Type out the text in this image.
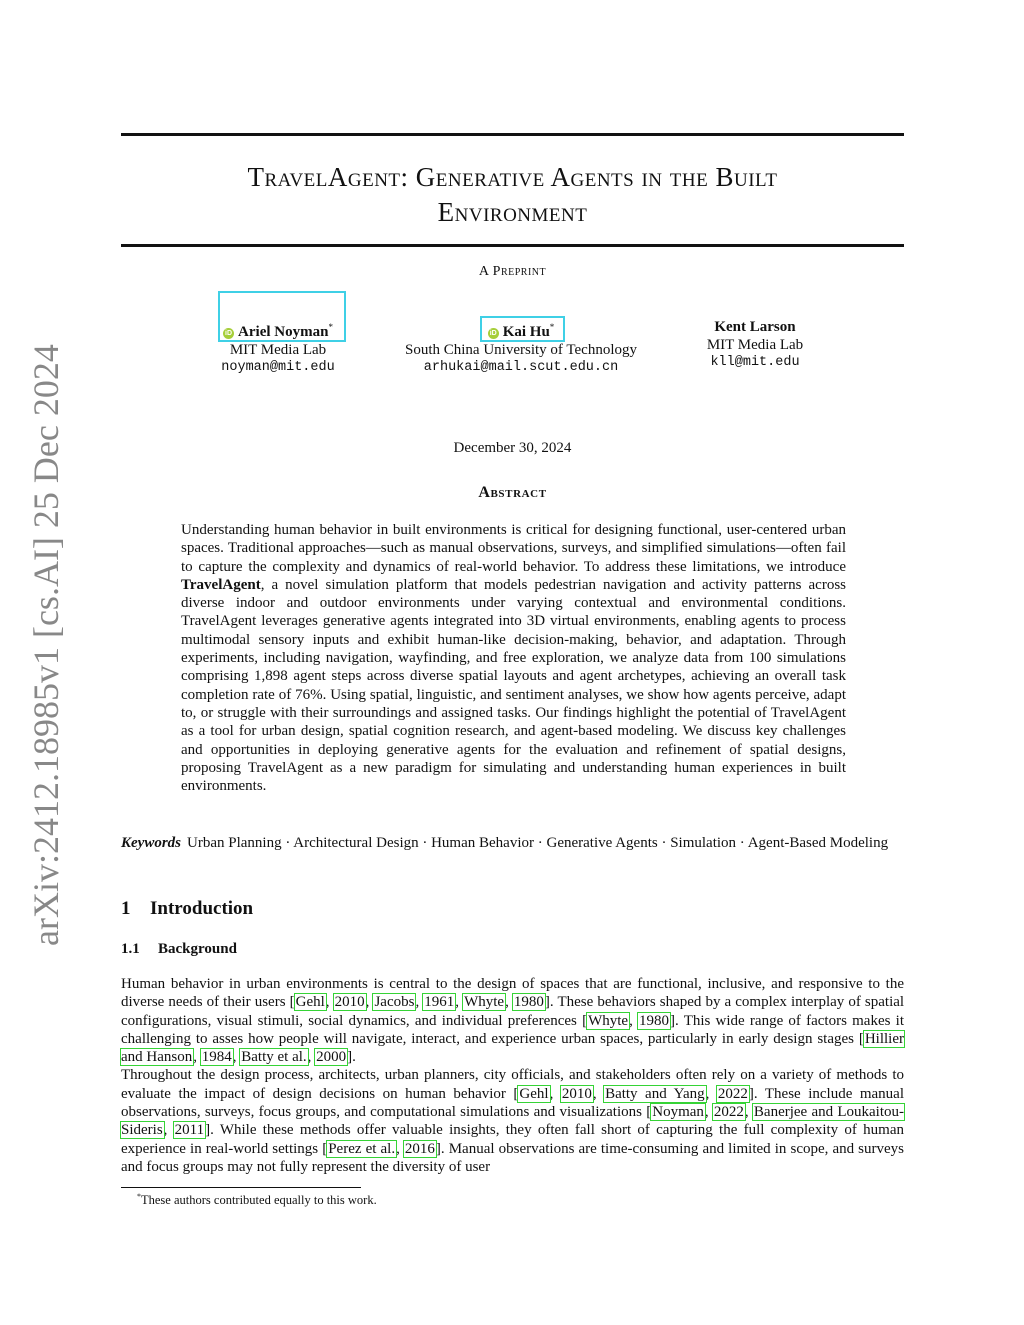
arXiv:2412.18985v1 [cs.AI] 25 Dec 2024
TravelAgent: Generative Agents in the Built
Environment
A Preprint
iD Ariel Noyman*
MIT Media Lab
noyman@mit.edu
iD Kai Hu*
South China University of Technology
arhukai@mail.scut.edu.cn
Kent Larson
MIT Media Lab
kll@mit.edu
December 30, 2024
Abstract
Understanding human behavior in built environments is critical for designing functional, user-centered urban spaces. Traditional approaches—such as manual observations, surveys, and simplified simulations—often fail to capture the complexity and dynamics of real-world behavior. To address these limitations, we introduce TravelAgent, a novel simulation platform that models pedestrian navigation and activity patterns across diverse indoor and outdoor environments under varying contextual and environmental conditions. TravelAgent leverages generative agents integrated into 3D virtual environments, enabling agents to process multimodal sensory inputs and exhibit human-like decision-making, behavior, and adaptation. Through experiments, including navigation, wayfinding, and free exploration, we analyze data from 100 simulations comprising 1,898 agent steps across diverse spatial layouts and agent archetypes, achieving an overall task completion rate of 76%. Using spatial, linguistic, and sentiment analyses, we show how agents perceive, adapt to, or struggle with their surroundings and assigned tasks. Our findings highlight the potential of TravelAgent as a tool for urban design, spatial cognition research, and agent-based modeling. We discuss key challenges and opportunities in deploying generative agents for the evaluation and refinement of spatial designs, proposing TravelAgent as a new paradigm for simulating and understanding human experiences in built environments.
Keywords Urban Planning · Architectural Design · Human Behavior · Generative Agents · Simulation · Agent-Based Modeling
1 Introduction
1.1 Background

Human behavior in urban environments is central to the design of spaces that are functional, inclusive, and responsive to the diverse needs of their users [Gehl, 2010, Jacobs, 1961, Whyte, 1980]. These behaviors shaped by a complex interplay of spatial configurations, visual stimuli, social dynamics, and individual preferences [Whyte, 1980]. This wide range of factors makes it challenging to asses how people will navigate, interact, and experience urban spaces, particularly in early design stages [Hillier and Hanson, 1984, Batty et al., 2000].

Throughout the design process, architects, urban planners, city officials, and stakeholders often rely on a variety of methods to evaluate the impact of design decisions on human behavior [Gehl, 2010, Batty and Yang, 2022]. These include manual observations, surveys, focus groups, and computational simulations and visualizations [Noyman, 2022, Banerjee and Loukaitou-Sideris, 2011]. While these methods offer valuable insights, they often fall short of capturing the full complexity of human experience in real-world settings [Perez et al., 2016]. Manual observations are time-consuming and limited in scope, and surveys and focus groups may not fully represent the diversity of user

*These authors contributed equally to this work.
